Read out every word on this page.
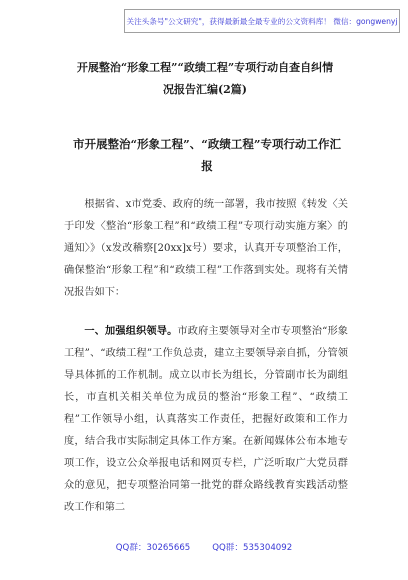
关注头条号"公文研究"，获得最新最全最专业的公文资料库！ 微信：gongwenyj
开展整治“形象工程”“政绩工程”专项行动自查自纠情
况报告汇编(2篇)
市开展整治“形象工程”、“政绩工程”专项行动工作汇
报

根据省、x市党委、政府的统一部署，我市按照《转发〈关于印发〈整治“形象工程”和“政绩工程”专项行动实施方案〉的通知〉》（x发改稽察[20xx]x号）要求，认真开专项整治工作，确保整治“形象工程”和“政绩工程”工作落到实处。现将有关情况报告如下：

一、加强组织领导。市政府主要领导对全市专项整治“形象工程”、“政绩工程”工作负总责，建立主要领导亲自抓，分管领导具体抓的工作机制。成立以市长为组长，分管副市长为副组长，市直机关相关单位为成员的整治“形象工程”、“政绩工程”工作领导小组，认真落实工作责任，把握好政策和工作力度，结合我市实际制定具体工作方案。在新闻媒体公布本地专项工作，设立公众举报电话和网页专栏，广泛听取广大党员群众的意见，把专项整治同第一批党的群众路线教育实践活动整改工作和第二

QQ群：30265665	QQ群：535304092
